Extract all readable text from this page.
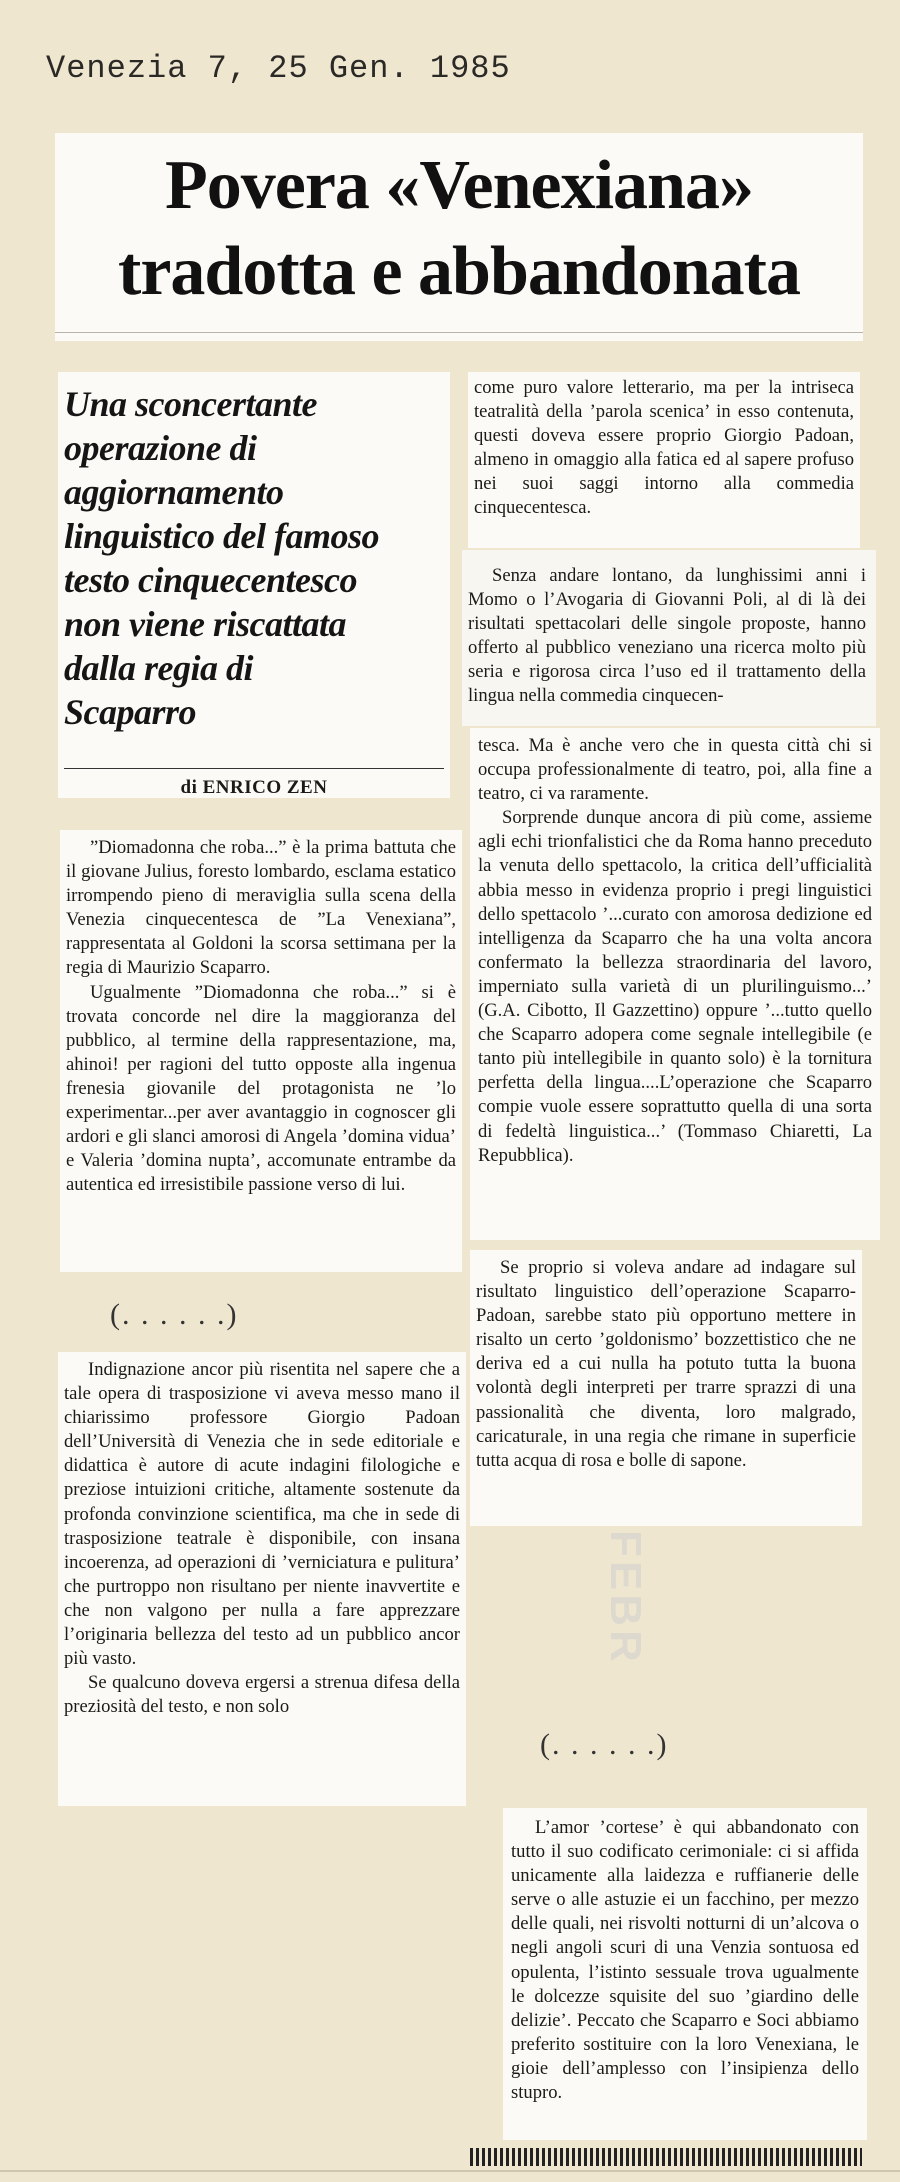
Venezia 7, 25 Gen. 1985
Povera «Venexiana»
tradotta e abbandonata
Una sconcertante
operazione di
aggiornamento
linguistico del famoso
testo cinquecentesco
non viene riscattata
dalla regia di
Scaparro
di ENRICO ZEN

”Diomadonna che roba...” è la prima battuta che il giovane Julius, foresto lombardo, esclama estatico irrompendo pieno di meraviglia sulla scena della Venezia cinquecentesca de ”La Venexiana”, rappresentata al Goldoni la scorsa settimana per la regia di Maurizio Scaparro.

Ugualmente ”Diomadonna che roba...” si è trovata concorde nel dire la maggioranza del pubblico, al termine della rappresentazione, ma, ahinoi! per ragioni del tutto opposte alla ingenua frenesia giovanile del protagonista ne ’lo experimentar...per aver avantaggio in cognoscer gli ardori e gli slanci amorosi di Angela ’domina vidua’ e Valeria ’domina nupta’, accomunate entrambe da autentica ed irresistibile passione verso di lui.

(. . . . . .)

Indignazione ancor più risentita nel sapere che a tale opera di trasposizione vi aveva messo mano il chiarissimo professore Giorgio Padoan dell’Università di Venezia che in sede editoriale e didattica è autore di acute indagini filologiche e preziose intuizioni critiche, altamente sostenute da profonda convinzione scientifica, ma che in sede di trasposizione teatrale è disponibile, con insana incoerenza, ad operazioni di ’verniciatura e pulitura’ che purtroppo non risultano per niente inavvertite e che non valgono per nulla a fare apprezzare l’originaria bellezza del testo ad un pubblico ancor più vasto.

Se qualcuno doveva ergersi a strenua difesa della preziosità del testo, e non solo

come puro valore letterario, ma per la intriseca teatralità della ’parola scenica’ in esso contenuta, questi doveva essere proprio Giorgio Padoan, almeno in omaggio alla fatica ed al sapere profuso nei suoi saggi intorno alla commedia cinquecentesca.

Senza andare lontano, da lunghissimi anni i Momo o l’Avogaria di Giovanni Poli, al di là dei risultati spettacolari delle singole proposte, hanno offerto al pubblico veneziano una ricerca molto più seria e rigorosa circa l’uso ed il trattamento della lingua nella commedia cinquecen-

tesca. Ma è anche vero che in questa città chi si occupa professionalmente di teatro, poi, alla fine a teatro, ci va raramente.

Sorprende dunque ancora di più come, assieme agli echi trionfalistici che da Roma hanno preceduto la venuta dello spettacolo, la critica dell’ufficialità abbia messo in evidenza proprio i pregi linguistici dello spettacolo ’...curato con amorosa dedizione ed intelligenza da Scaparro che ha una volta ancora confermato la bellezza straordinaria del lavoro, imperniato sulla varietà di un plurilinguismo...’ (G.A. Cibotto, Il Gazzettino) oppure ’...tutto quello che Scaparro adopera come segnale intellegibile (e tanto più intellegibile in quanto solo) è la tornitura perfetta della lingua....L’operazione che Scaparro compie vuole essere soprattutto quella di una sorta di fedeltà linguistica...’ (Tommaso Chiaretti, La Repubblica).

Se proprio si voleva andare ad indagare sul risultato linguistico dell’operazione Scaparro-Padoan, sarebbe stato più opportuno mettere in risalto un certo ’goldonismo’ bozzettistico che ne deriva ed a cui nulla ha potuto tutta la buona volontà degli interpreti per trarre sprazzi di una passionalità che diventa, loro malgrado, caricaturale, in una regia che rimane in superficie tutta acqua di rosa e bolle di sapone.

FEBR
(. . . . . .)

L’amor ’cortese’ è qui abbandonato con tutto il suo codificato cerimoniale: ci si affida unicamente alla laidezza e ruffianerie delle serve o alle astuzie ei un facchino, per mezzo delle quali, nei risvolti notturni di un’alcova o negli angoli scuri di una Venzia sontuosa ed opulenta, l’istinto sessuale trova ugualmente le dolcezze squisite del suo ’giardino delle delizie’. Peccato che Scaparro e Soci abbiamo preferito sostituire con la loro Venexiana, le gioie dell’amplesso con l’insipienza dello stupro.
